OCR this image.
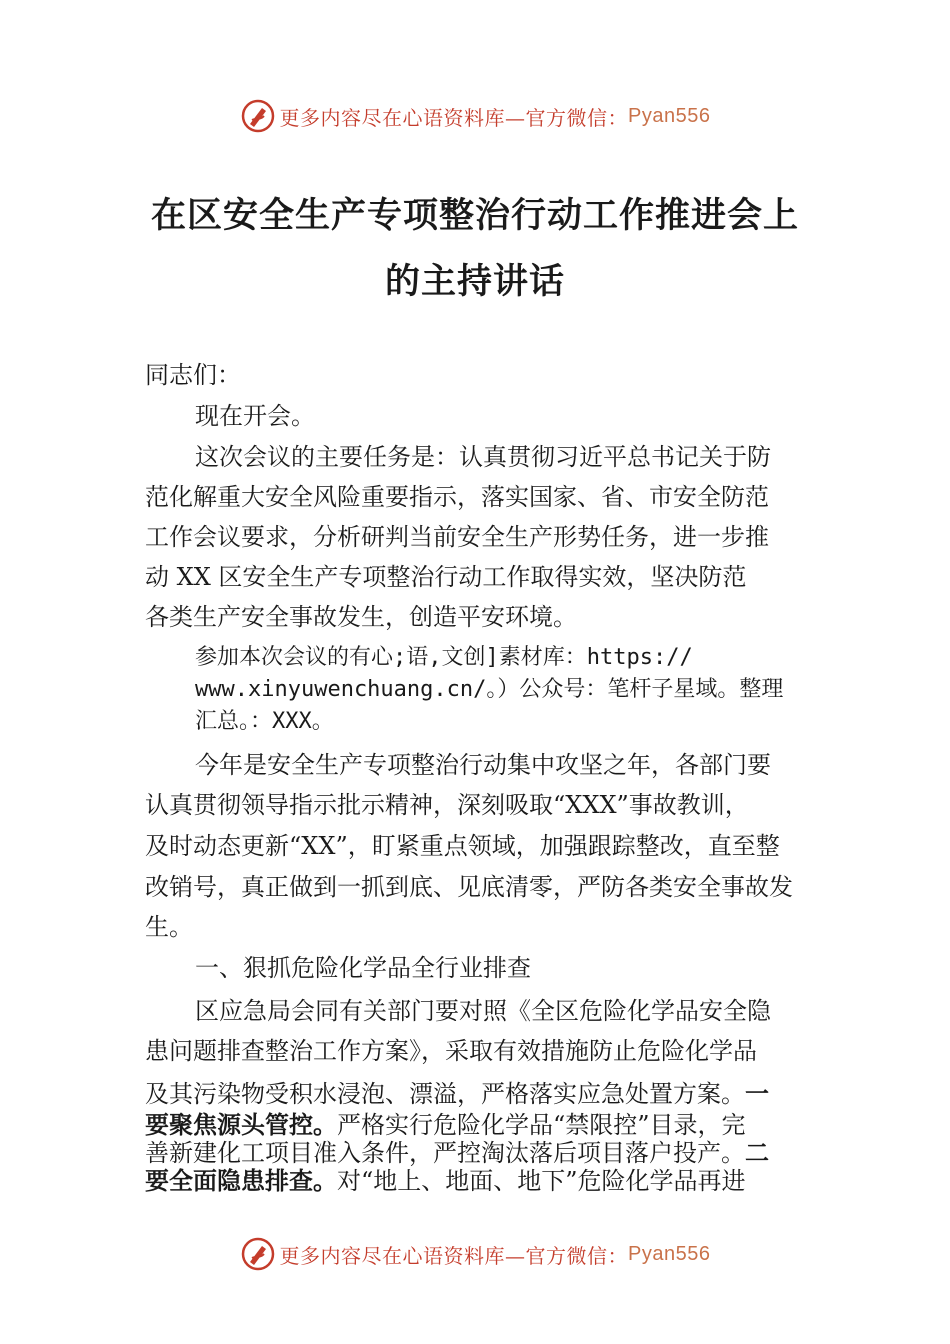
更多内容尽在心语资料库—官方微信： Pyan556
在区安全生产专项整治行动工作推进会上
的主持讲话
同志们：
现在开会。
这次会议的主要任务是：认真贯彻习近平总书记关于防
范化解重大安全风险重要指示，落实国家、省、市安全防范
工作会议要求，分析研判当前安全生产形势任务，进一步推
动 XX 区安全生产专项整治行动工作取得实效，坚决防范
各类生产安全事故发生，创造平安环境。
参加本次会议的有心;语,文创]素材库：https://
www.xinyuwenchuang.cn/。）公众号：笔杆子星域。整理
汇总。：XXX。
今年是安全生产专项整治行动集中攻坚之年，各部门要
认真贯彻领导指示批示精神，深刻吸取“XXX”事故教训，
及时动态更新“XX”，盯紧重点领域，加强跟踪整改，直至整
改销号，真正做到一抓到底、见底清零，严防各类安全事故发
生。
一、狠抓危险化学品全行业排查
区应急局会同有关部门要对照《全区危险化学品安全隐
患问题排查整治工作方案》，采取有效措施防止危险化学品
及其污染物受积水浸泡、漂溢，严格落实应急处置方案。一
要聚焦源头管控。严格实行危险化学品“禁限控”目录，完
善新建化工项目准入条件，严控淘汰落后项目落户投产。二
要全面隐患排查。对“地上、地面、地下”危险化学品再进
更多内容尽在心语资料库—官方微信： Pyan556
